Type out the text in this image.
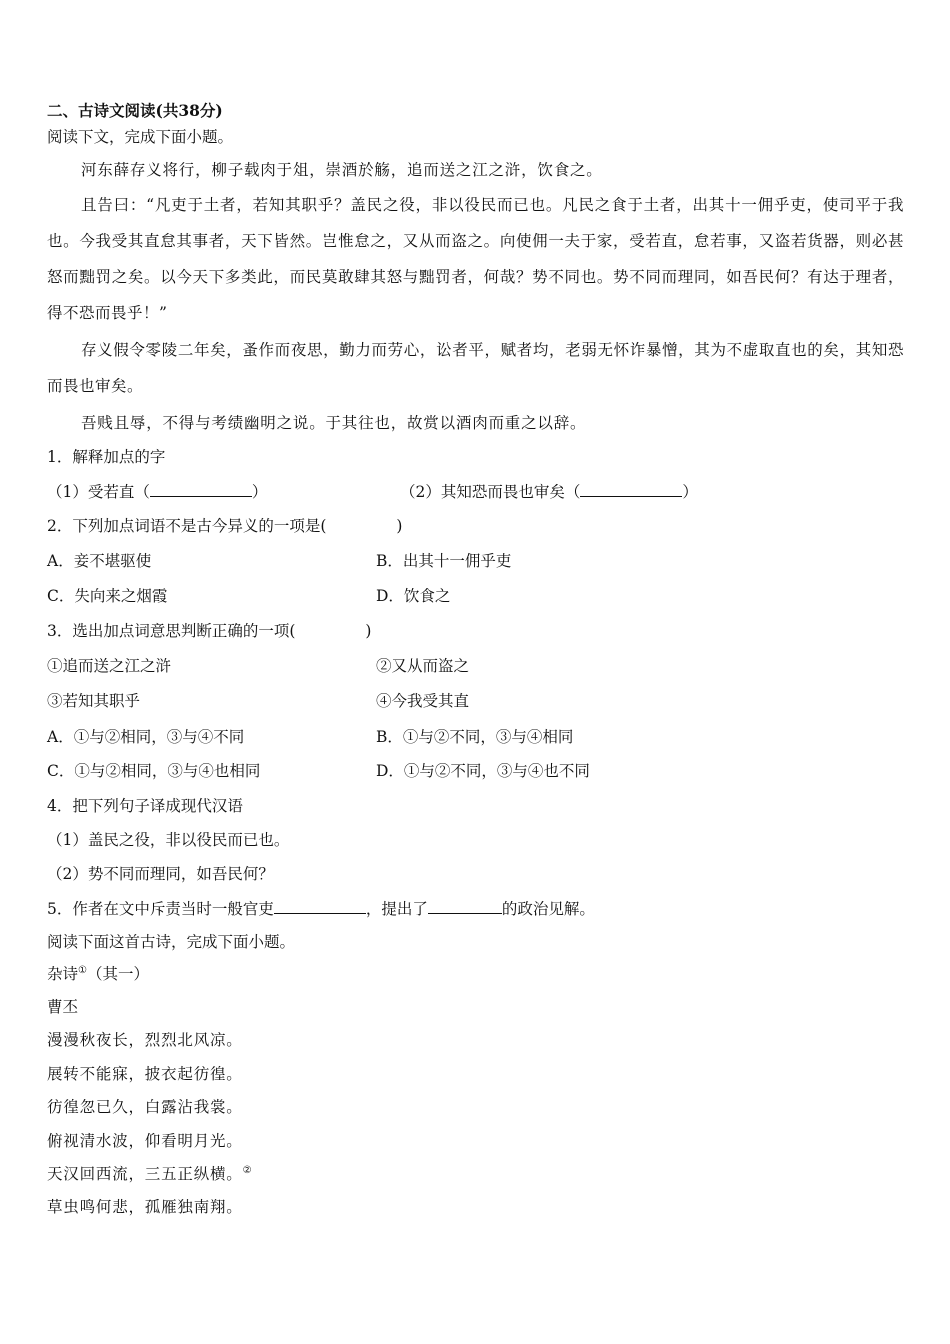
二、古诗文阅读(共38分)
阅读下文，完成下面小题。
河东薛存义将行，柳子载肉于俎，崇酒於觞，追而送之江之浒，饮食之。
且告曰：“凡吏于土者，若知其职乎？盖民之役，非以役民而已也。凡民之食于土者，出其十一佣乎吏，使司平于我也。今我受其直怠其事者，天下皆然。岂惟怠之，又从而盗之。向使佣一夫于家，受若直，怠若事，又盗若货器，则必甚怒而黜罚之矣。以今天下多类此，而民莫敢肆其怒与黜罚者，何哉？势不同也。势不同而理同，如吾民何？有达于理者，得不恐而畏乎！”
存义假令零陵二年矣，蚤作而夜思，勤力而劳心，讼者平，赋者均，老弱无怀诈暴憎，其为不虚取直也的矣，其知恐而畏也审矣。
吾贱且辱，不得与考绩幽明之说。于其往也，故赏以酒肉而重之以辞。
1．解释加点的字
（1）受若直（	）	（2）其知恐而畏也审矣（	）
2．下列加点词语不是古今异义的一项是(	)
A．妾不堪驱使	B．出其十一佣乎吏
C．失向来之烟霞	D．饮食之
3．选出加点词意思判断正确的一项(	)
①追而送之江之浒	②又从而盗之
③若知其职乎	④今我受其直
A．①与②相同，③与④不同	B．①与②不同，③与④相同
C．①与②相同，③与④也相同	D．①与②不同，③与④也不同
4．把下列句子译成现代汉语
（1）盖民之役，非以役民而已也。
（2）势不同而理同，如吾民何？
5．作者在文中斥责当时一般官吏	，提出了	的政治见解。
阅读下面这首古诗，完成下面小题。
杂诗①（其一）
曹丕
漫漫秋夜长，烈烈北风凉。
展转不能寐，披衣起彷徨。
彷徨忽已久，白露沾我裳。
俯视清水波，仰看明月光。
天汉回西流，三五正纵横。②
草虫鸣何悲，孤雁独南翔。
